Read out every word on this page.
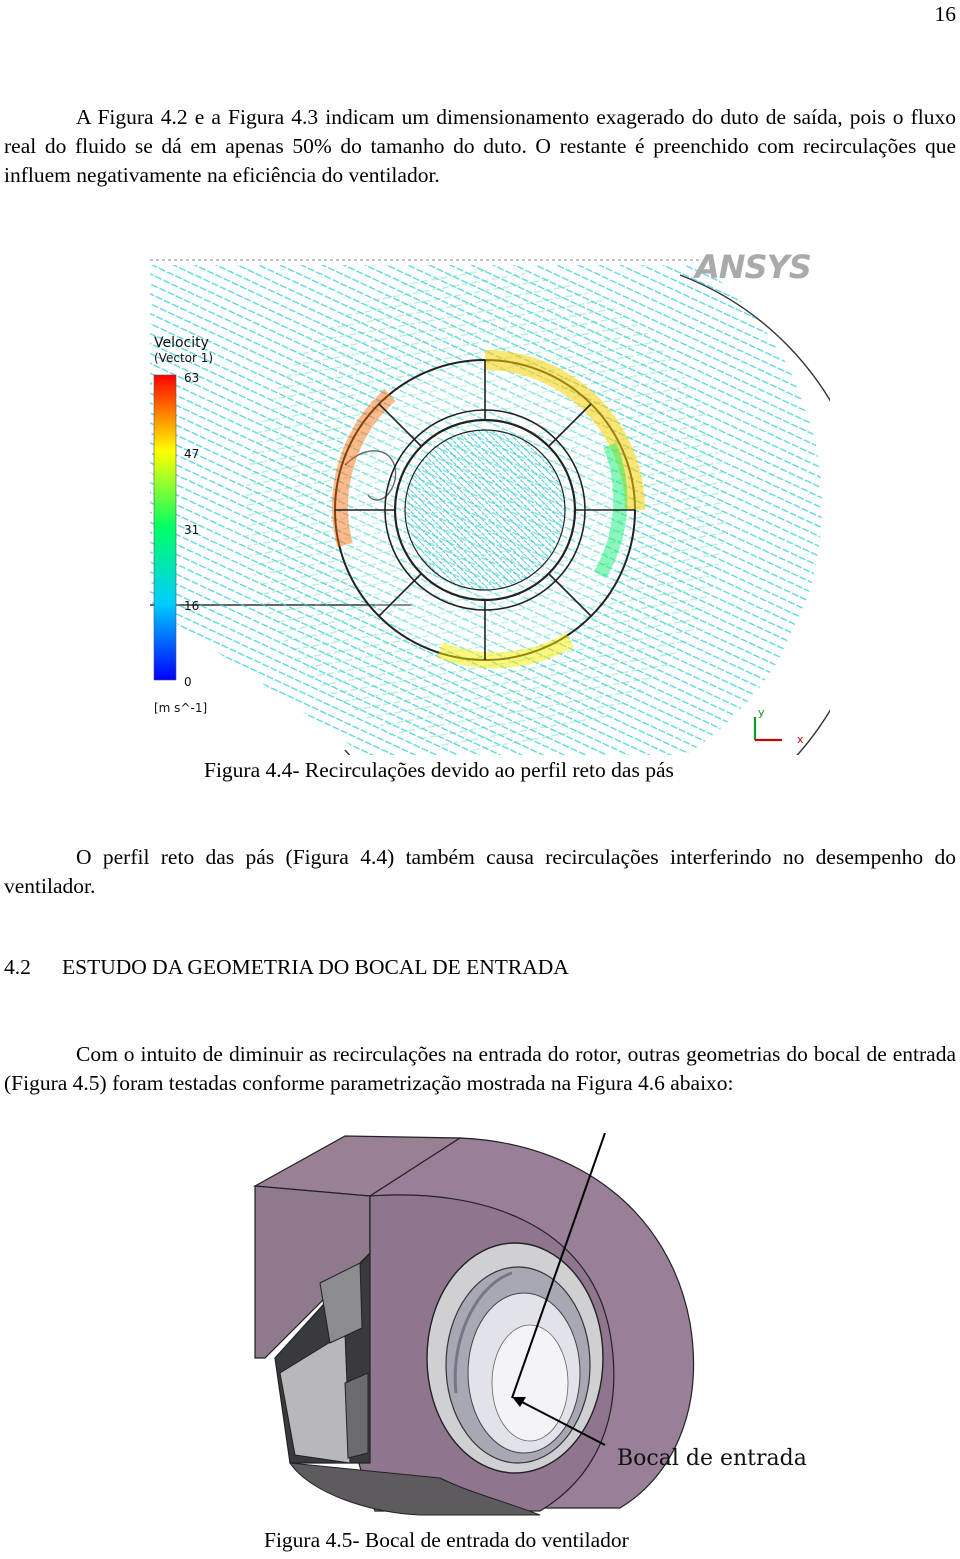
16
A Figura 4.2 e a Figura 4.3 indicam um dimensionamento exagerado do duto de saída, pois o fluxo real do fluido se dá em apenas 50% do tamanho do duto. O restante é preenchido com recirculações que influem negativamente na eficiência do ventilador.
ANSYS
Velocity
(Vector 1)
63
47
31
16
0
[m s^-1]	y
x
Figura 4.4- Recirculações devido ao perfil reto das pás
O perfil reto das pás (Figura 4.4) também causa recirculações interferindo no desempenho do ventilador.
4.2 ESTUDO DA GEOMETRIA DO BOCAL DE ENTRADA
Com o intuito de diminuir as recirculações na entrada do rotor, outras geometrias do bocal de entrada (Figura 4.5) foram testadas conforme parametrização mostrada na Figura 4.6 abaixo:
Bocal de entrada
Figura 4.5- Bocal de entrada do ventilador
